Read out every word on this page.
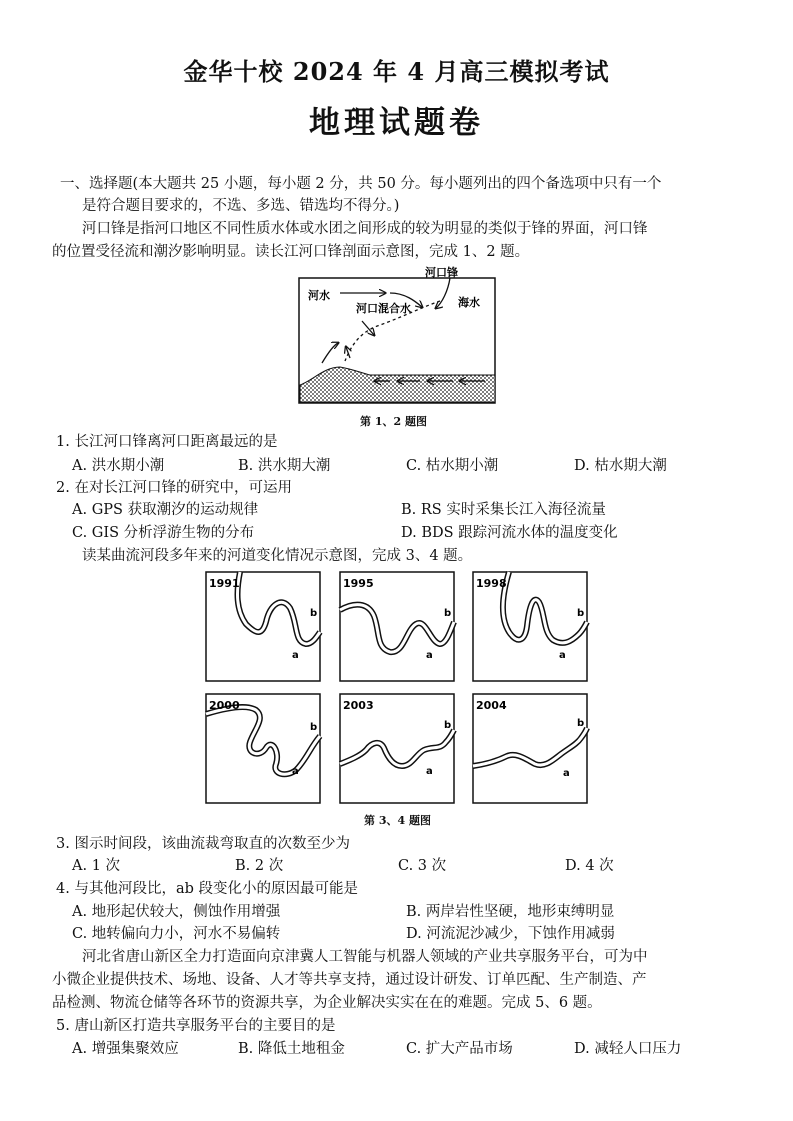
金华十校 2024 年 4 月高三模拟考试
地理试题卷
一、选择题(本大题共 25 小题，每小题 2 分，共 50 分。每小题列出的四个备选项中只有一个
是符合题目要求的，不选、多选、错选均不得分。)
河口锋是指河口地区不同性质水体或水团之间形成的较为明显的类似于锋的界面，河口锋
的位置受径流和潮汐影响明显。读长江河口锋剖面示意图，完成 1、2 题。
河口锋
河水
河口混合水	海水
第 1、2 题图
1. 长江河口锋离河口距离最远的是
A. 洪水期小潮	B. 洪水期大潮	C. 枯水期小潮	D. 枯水期大潮
2. 在对长江河口锋的研究中，可运用
A. GPS 获取潮汐的运动规律	B. RS 实时采集长江入海径流量
C. GIS 分析浮游生物的分布	D. BDS 跟踪河流水体的温度变化
读某曲流河段多年来的河道变化情况示意图，完成 3、4 题。
1991
b
a
1995
b
a
1998
b
a
2000
b
a
2003
b
a
2004
b
a
第 3、4 题图
3. 图示时间段，该曲流裁弯取直的次数至少为
A. 1 次	B. 2 次	C. 3 次	D. 4 次
4. 与其他河段比，ab 段变化小的原因最可能是
A. 地形起伏较大，侧蚀作用增强	B. 两岸岩性坚硬，地形束缚明显
C. 地转偏向力小，河水不易偏转	D. 河流泥沙减少，下蚀作用减弱
河北省唐山新区全力打造面向京津冀人工智能与机器人领域的产业共享服务平台，可为中
小微企业提供技术、场地、设备、人才等共享支持，通过设计研发、订单匹配、生产制造、产
品检测、物流仓储等各环节的资源共享，为企业解决实实在在的难题。完成 5、6 题。
5. 唐山新区打造共享服务平台的主要目的是
A. 增强集聚效应	B. 降低土地租金	C. 扩大产品市场	D. 减轻人口压力
